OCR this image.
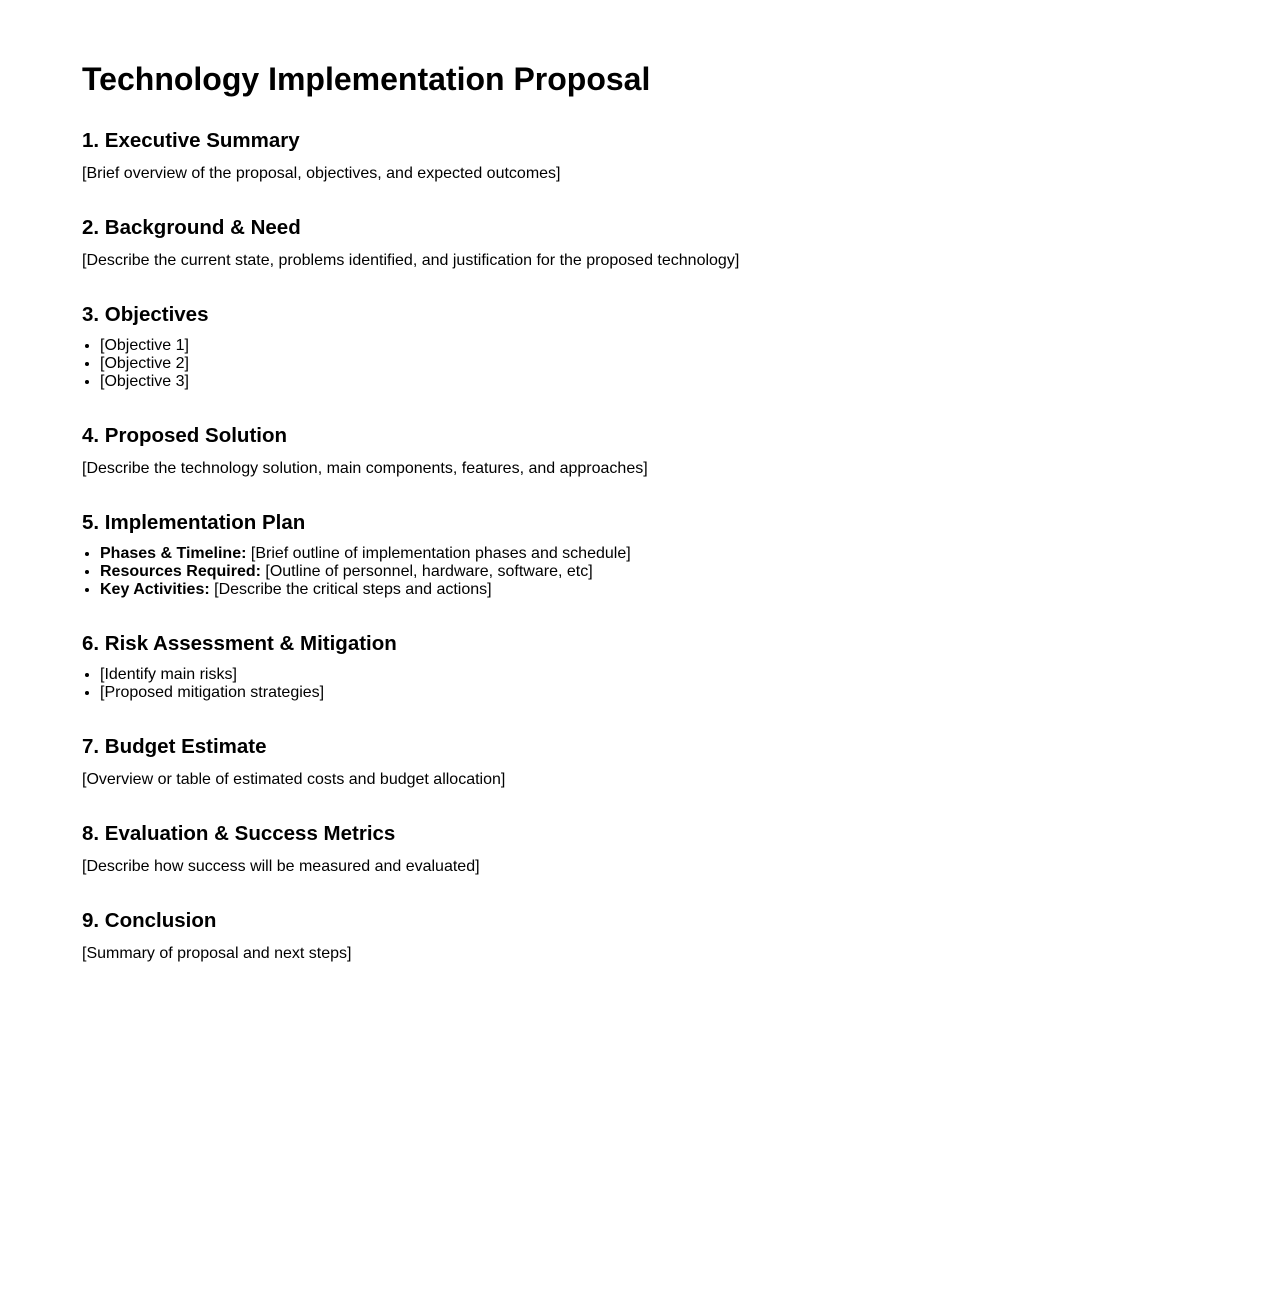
Technology Implementation Proposal
1. Executive Summary

[Brief overview of the proposal, objectives, and expected outcomes]

2. Background & Need

[Describe the current state, problems identified, and justification for the proposed technology]

3. Objectives
• [Objective 1]
• [Objective 2]
• [Objective 3]
4. Proposed Solution

[Describe the technology solution, main components, features, and approaches]

5. Implementation Plan
• Phases & Timeline: [Brief outline of implementation phases and schedule]
• Resources Required: [Outline of personnel, hardware, software, etc]
• Key Activities: [Describe the critical steps and actions]
6. Risk Assessment & Mitigation
• [Identify main risks]
• [Proposed mitigation strategies]
7. Budget Estimate

[Overview or table of estimated costs and budget allocation]

8. Evaluation & Success Metrics

[Describe how success will be measured and evaluated]

9. Conclusion

[Summary of proposal and next steps]
